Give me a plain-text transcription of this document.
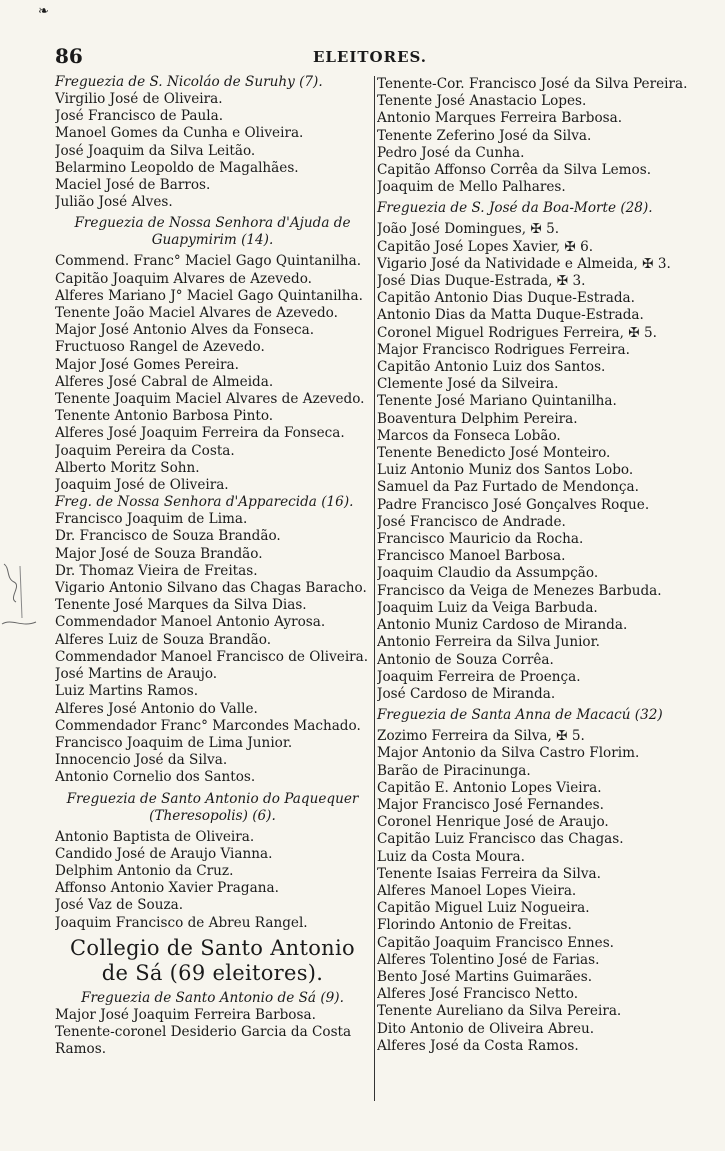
❧
86	ELEITORES.
Freguezia de S. Nicoláo de Suruhy (7).
Virgilio José de Oliveira.
José Francisco de Paula.
Manoel Gomes da Cunha e Oliveira.
José Joaquim da Silva Leitão.
Belarmino Leopoldo de Magalhães.
Maciel José de Barros.
Julião José Alves.
Freguezia de Nossa Senhora d'Ajuda de Guapymirim (14).
Commend. Franc° Maciel Gago Quintanilha.
Capitão Joaquim Alvares de Azevedo.
Alferes Mariano J° Maciel Gago Quintanilha.
Tenente João Maciel Alvares de Azevedo.
Major José Antonio Alves da Fonseca.
Fructuoso Rangel de Azevedo.
Major José Gomes Pereira.
Alferes José Cabral de Almeida.
Tenente Joaquim Maciel Alvares de Azevedo.
Tenente Antonio Barbosa Pinto.
Alferes José Joaquim Ferreira da Fonseca.
Joaquim Pereira da Costa.
Alberto Moritz Sohn.
Joaquim José de Oliveira.
Freg. de Nossa Senhora d'Apparecida (16).
Francisco Joaquim de Lima.
Dr. Francisco de Souza Brandão.
Major José de Souza Brandão.
Dr. Thomaz Vieira de Freitas.
Vigario Antonio Silvano das Chagas Baracho.
Tenente José Marques da Silva Dias.
Commendador Manoel Antonio Ayrosa.
Alferes Luiz de Souza Brandão.
Commendador Manoel Francisco de Oliveira.
José Martins de Araujo.
Luiz Martins Ramos.
Alferes José Antonio do Valle.
Commendador Franc° Marcondes Machado.
Francisco Joaquim de Lima Junior.
Innocencio José da Silva.
Antonio Cornelio dos Santos.
Freguezia de Santo Antonio do Paquequer (Theresopolis) (6).
Antonio Baptista de Oliveira.
Candido José de Araujo Vianna.
Delphim Antonio da Cruz.
Affonso Antonio Xavier Pragana.
José Vaz de Souza.
Joaquim Francisco de Abreu Rangel.
Collegio de Santo Antonio de Sá (69 eleitores).
Freguezia de Santo Antonio de Sá (9).
Major José Joaquim Ferreira Barbosa.
Tenente-coronel Desiderio Garcia da Costa Ramos.
Tenente-Cor. Francisco José da Silva Pereira.
Tenente José Anastacio Lopes.
Antonio Marques Ferreira Barbosa.
Tenente Zeferino José da Silva.
Pedro José da Cunha.
Capitão Affonso Corrêa da Silva Lemos.
Joaquim de Mello Palhares.
Freguezia de S. José da Boa-Morte (28).
João José Domingues, ✠ 5.
Capitão José Lopes Xavier, ✠ 6.
Vigario José da Natividade e Almeida, ✠ 3.
José Dias Duque-Estrada, ✠ 3.
Capitão Antonio Dias Duque-Estrada.
Antonio Dias da Matta Duque-Estrada.
Coronel Miguel Rodrigues Ferreira, ✠ 5.
Major Francisco Rodrigues Ferreira.
Capitão Antonio Luiz dos Santos.
Clemente José da Silveira.
Tenente José Mariano Quintanilha.
Boaventura Delphim Pereira.
Marcos da Fonseca Lobão.
Tenente Benedicto José Monteiro.
Luiz Antonio Muniz dos Santos Lobo.
Samuel da Paz Furtado de Mendonça.
Padre Francisco José Gonçalves Roque.
José Francisco de Andrade.
Francisco Mauricio da Rocha.
Francisco Manoel Barbosa.
Joaquim Claudio da Assumpção.
Francisco da Veiga de Menezes Barbuda.
Joaquim Luiz da Veiga Barbuda.
Antonio Muniz Cardoso de Miranda.
Antonio Ferreira da Silva Junior.
Antonio de Souza Corrêa.
Joaquim Ferreira de Proença.
José Cardoso de Miranda.
Freguezia de Santa Anna de Macacú (32)
Zozimo Ferreira da Silva, ✠ 5.
Major Antonio da Silva Castro Florim.
Barão de Piracinunga.
Capitão E. Antonio Lopes Vieira.
Major Francisco José Fernandes.
Coronel Henrique José de Araujo.
Capitão Luiz Francisco das Chagas.
Luiz da Costa Moura.
Tenente Isaias Ferreira da Silva.
Alferes Manoel Lopes Vieira.
Capitão Miguel Luiz Nogueira.
Florindo Antonio de Freitas.
Capitão Joaquim Francisco Ennes.
Alferes Tolentino José de Farias.
Bento José Martins Guimarães.
Alferes José Francisco Netto.
Tenente Aureliano da Silva Pereira.
Dito Antonio de Oliveira Abreu.
Alferes José da Costa Ramos.
